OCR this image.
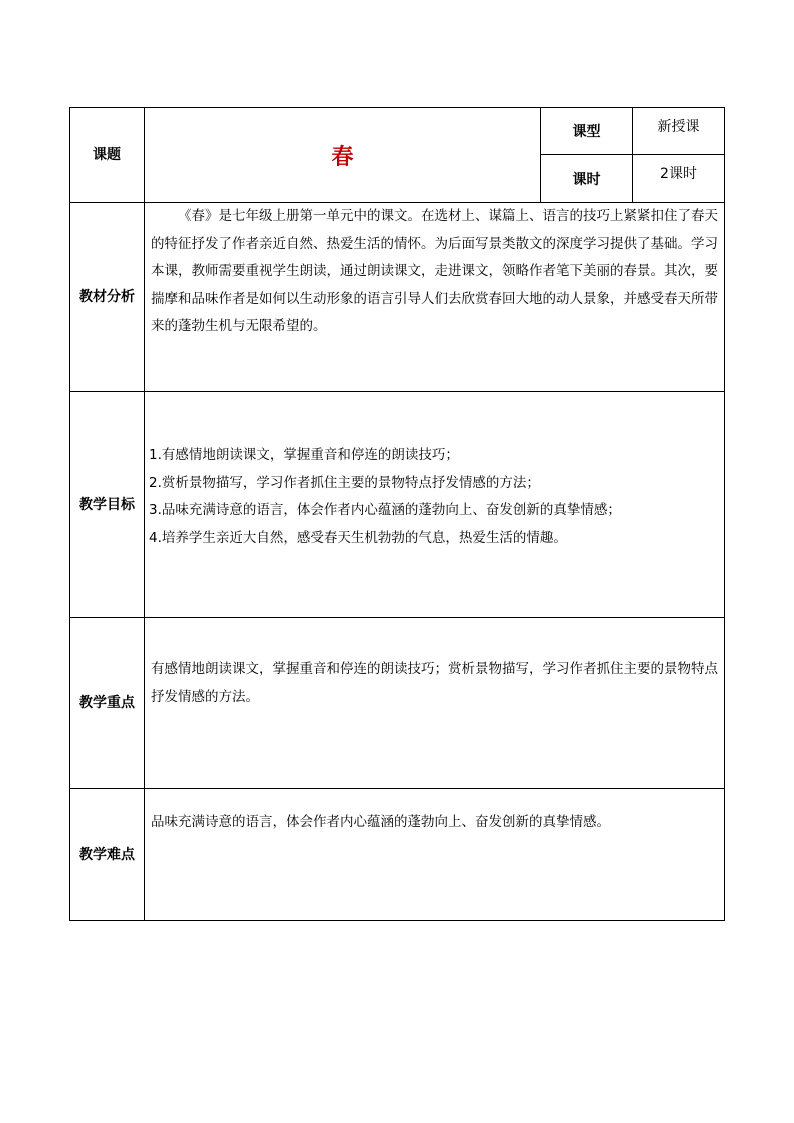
课题	春	课型	新授课
		课时	2课时
教材分析	《春》是七年级上册第一单元中的课文。在选材上、谋篇上、语言的技巧上紧紧扣住了春天的特征抒发了作者亲近自然、热爱生活的情怀。为后面写景类散文的深度学习提供了基础。学习本课，教师需要重视学生朗读，通过朗读课文，走进课文，领略作者笔下美丽的春景。其次，要揣摩和品味作者是如何以生动形象的语言引导人们去欣赏春回大地的动人景象，并感受春天所带来的蓬勃生机与无限希望的。		

教学目标	1.有感情地朗读课文，掌握重音和停连的朗读技巧；

2.赏析景物描写，学习作者抓住主要的景物特点抒发情感的方法；

3.品味充满诗意的语言，体会作者内心蕴涵的蓬勃向上、奋发创新的真挚情感；

4.培养学生亲近大自然，感受春天生机勃勃的气息，热爱生活的情趣。		

教学重点	有感情地朗读课文，掌握重音和停连的朗读技巧；赏析景物描写，学习作者抓住主要的景物特点抒发情感的方法。		

教学难点	品味充满诗意的语言，体会作者内心蕴涵的蓬勃向上、奋发创新的真挚情感。		
